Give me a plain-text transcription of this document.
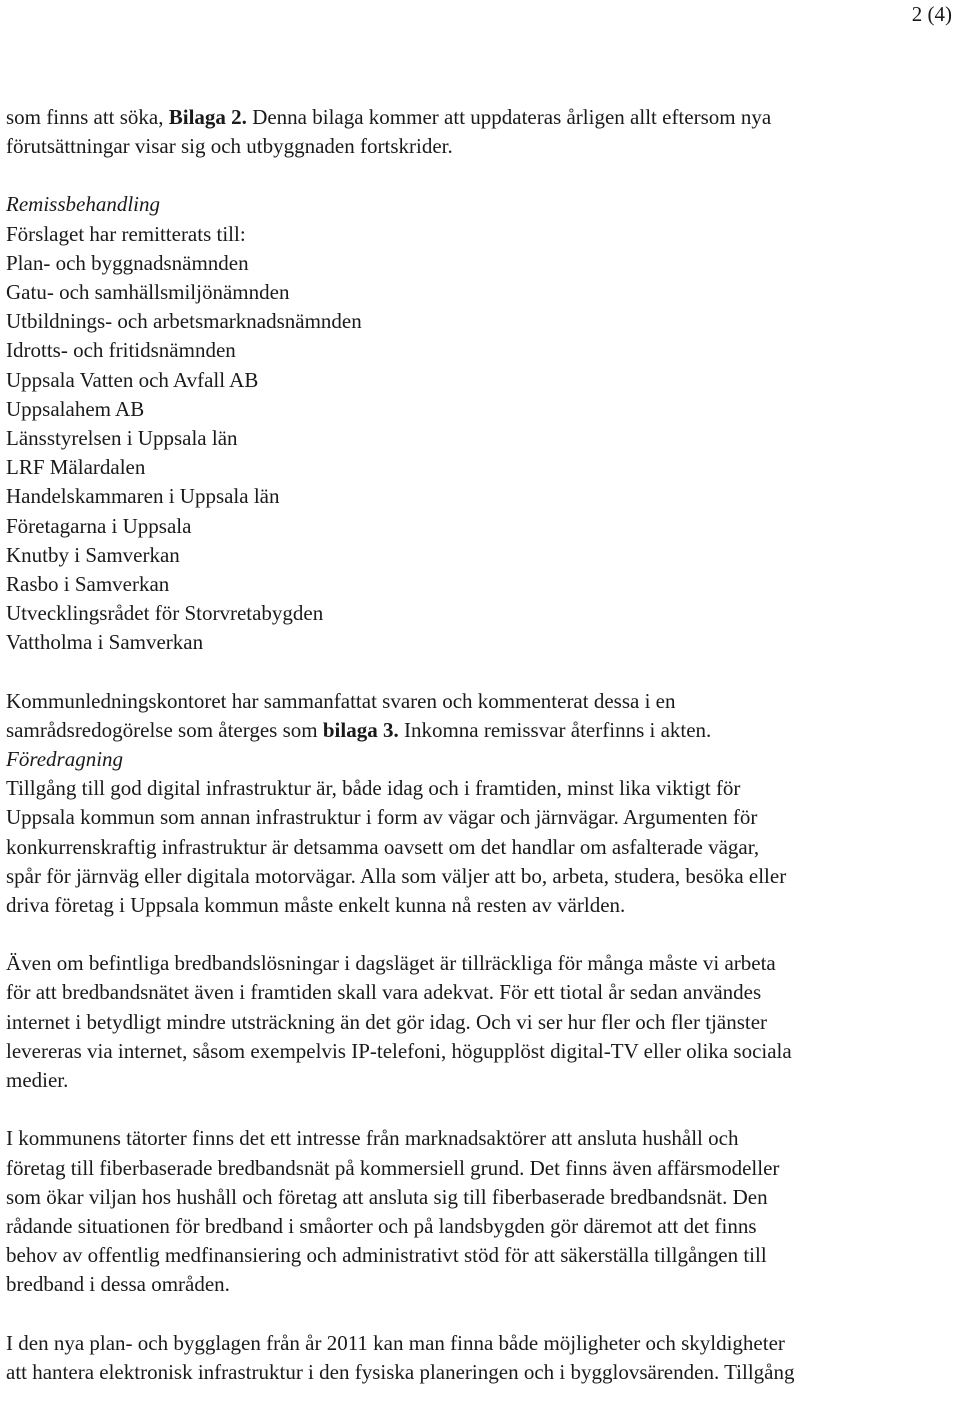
2 (4)

som finns att söka, Bilaga 2. Denna bilaga kommer att uppdateras årligen allt eftersom nya
förutsättningar visar sig och utbyggnaden fortskrider.

Remissbehandling

Förslaget har remitterats till:

Plan- och byggnadsnämnden
Gatu- och samhällsmiljönämnden
Utbildnings- och arbetsmarknadsnämnden
Idrotts- och fritidsnämnden
Uppsala Vatten och Avfall AB
Uppsalahem AB
Länsstyrelsen i Uppsala län
LRF Mälardalen
Handelskammaren i Uppsala län
Företagarna i Uppsala
Knutby i Samverkan
Rasbo i Samverkan
Utvecklingsrådet för Storvretabygden
Vattholma i Samverkan

Kommunledningskontoret har sammanfattat svaren och kommenterat dessa i en
samrådsredogörelse som återges som bilaga 3. Inkomna remissvar återfinns i akten.

Föredragning

Tillgång till god digital infrastruktur är, både idag och i framtiden, minst lika viktigt för
Uppsala kommun som annan infrastruktur i form av vägar och järnvägar. Argumenten för
konkurrenskraftig infrastruktur är detsamma oavsett om det handlar om asfalterade vägar,
spår för järnväg eller digitala motorvägar. Alla som väljer att bo, arbeta, studera, besöka eller
driva företag i Uppsala kommun måste enkelt kunna nå resten av världen.

Även om befintliga bredbandslösningar i dagsläget är tillräckliga för många måste vi arbeta
för att bredbandsnätet även i framtiden skall vara adekvat. För ett tiotal år sedan användes
internet i betydligt mindre utsträckning än det gör idag. Och vi ser hur fler och fler tjänster
levereras via internet, såsom exempelvis IP-telefoni, högupplöst digital-TV eller olika sociala
medier.

I kommunens tätorter finns det ett intresse från marknadsaktörer att ansluta hushåll och
företag till fiberbaserade bredbandsnät på kommersiell grund. Det finns även affärsmodeller
som ökar viljan hos hushåll och företag att ansluta sig till fiberbaserade bredbandsnät. Den
rådande situationen för bredband i småorter och på landsbygden gör däremot att det finns
behov av offentlig medfinansiering och administrativt stöd för att säkerställa tillgången till
bredband i dessa områden.

I den nya plan- och bygglagen från år 2011 kan man finna både möjligheter och skyldigheter
att hantera elektronisk infrastruktur i den fysiska planeringen och i bygglovsärenden. Tillgång
